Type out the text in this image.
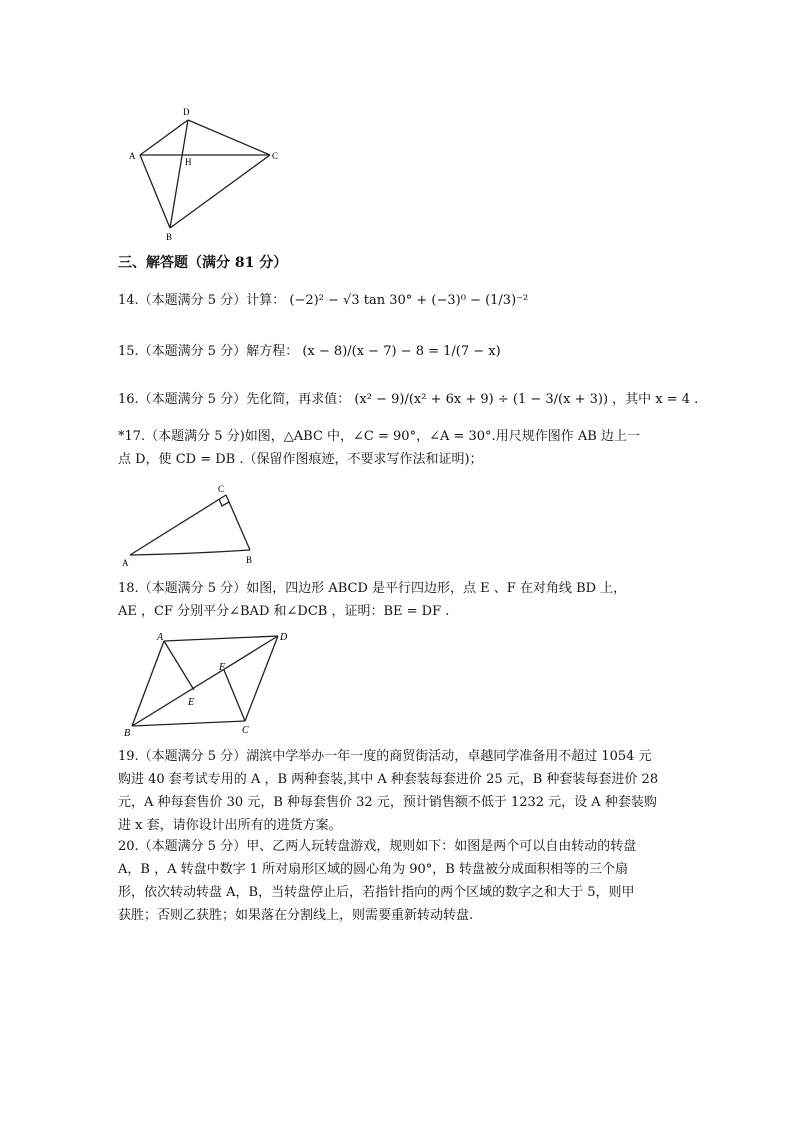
D
A	C
H
B
三、解答题（满分 81 分）
14.（本题满分 5 分）计算： (−2)² − √3 tan 30° + (−3)⁰ − (1/3)⁻²
15.（本题满分 5 分）解方程： (x − 8)/(x − 7) − 8 = 1/(7 − x)
16.（本题满分 5 分）先化简，再求值： (x² − 9)/(x² + 6x + 9) ÷ (1 − 3/(x + 3)) ，其中 x = 4 .
*17.（本题满分 5 分)如图，△ABC 中，∠C = 90°，∠A = 30°.用尺规作图作 AB 边上一
点 D，使 CD = DB .（保留作图痕迹，不要求写作法和证明)；
C
A	B
18.（本题满分 5 分）如图，四边形 ABCD 是平行四边形，点 E 、F 在对角线 BD 上，
AE ，CF 分别平分∠BAD 和∠DCB ，证明：BE = DF .
A	D
F
E
B	C
19.（本题满分 5 分）湖滨中学举办一年一度的商贸街活动，卓越同学准备用不超过 1054 元
购进 40 套考试专用的 A ，B 两种套装,其中 A 种套装每套进价 25 元，B 种套装每套进价 28
元，A 种每套售价 30 元，B 种每套售价 32 元，预计销售额不低于 1232 元，设 A 种套装购
进 x 套，请你设计出所有的进货方案。
20.（本题满分 5 分）甲、乙两人玩转盘游戏，规则如下：如图是两个可以自由转动的转盘
A，B ，A 转盘中数字 1 所对扇形区域的圆心角为 90°，B 转盘被分成面积相等的三个扇
形，依次转动转盘 A，B，当转盘停止后，若指针指向的两个区域的数字之和大于 5，则甲
获胜；否则乙获胜；如果落在分割线上，则需要重新转动转盘.
